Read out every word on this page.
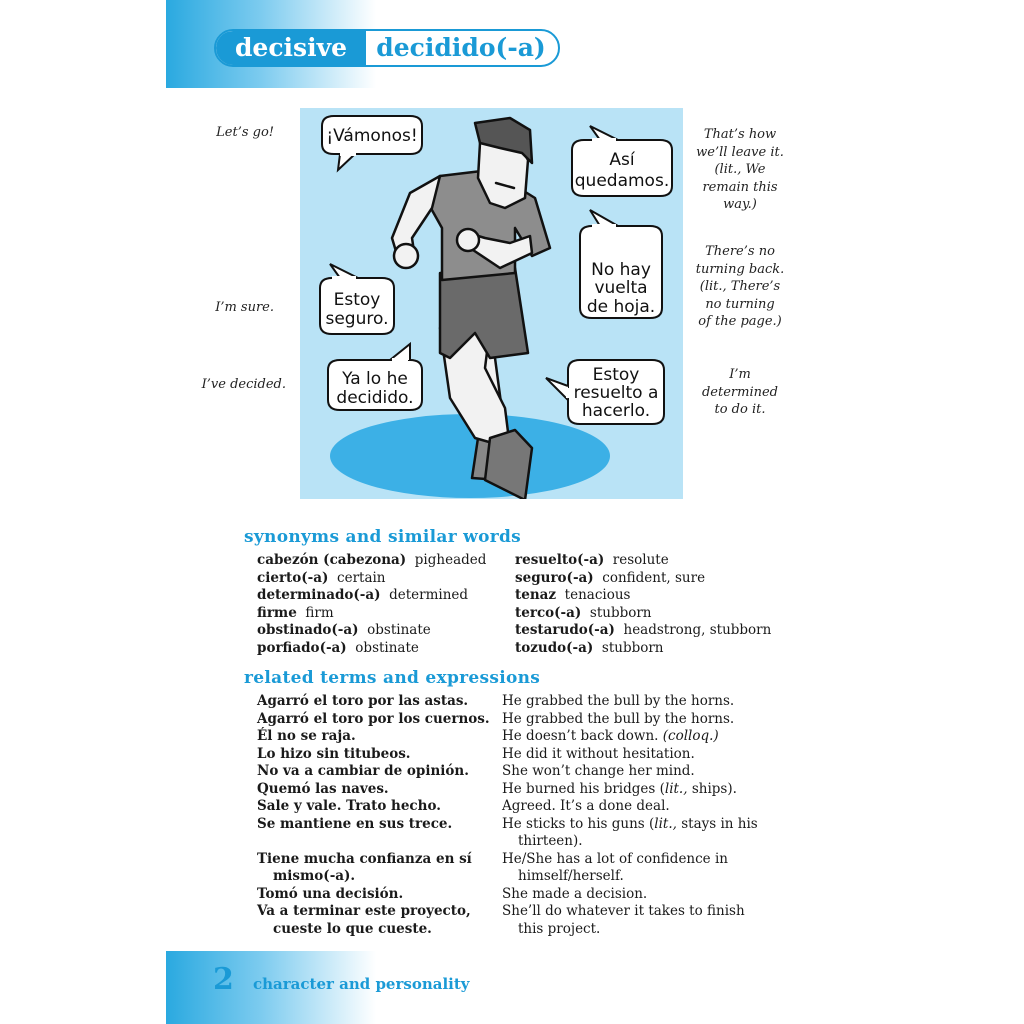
decisive	decidido(-a)
Let’s go!
I’m sure.
I’ve decided.
That’s how
we’ll leave it.
(lit., We
remain this
way.)
There’s no
turning back.
(lit., There’s
no turning
of the page.)
I’m
determined
to do it.
¡Vámonos!
Así
quedamos.
No hay
vuelta
de hoja.
Estoy
seguro.
Ya lo he
decidido.
Estoy
resuelto a
hacerlo.
synonyms and similar words
cabezón (cabezona) pigheaded
cierto(-a) certain
determinado(-a) determined
firme firm
obstinado(-a) obstinate
porfiado(-a) obstinate
resuelto(-a) resolute
seguro(-a) confident, sure
tenaz tenacious
terco(-a) stubborn
testarudo(-a) headstrong, stubborn
tozudo(-a) stubborn
related terms and expressions
Agarró el toro por las astas.
Agarró el toro por los cuernos.
Él no se raja.
Lo hizo sin titubeos.
No va a cambiar de opinión.
Quemó las naves.
Sale y vale. Trato hecho.
Se mantiene en sus trece.
Tiene mucha confianza en sí
mismo(-a).
Tomó una decisión.
Va a terminar este proyecto,
cueste lo que cueste.
He grabbed the bull by the horns.
He grabbed the bull by the horns.
He doesn’t back down. (colloq.)
He did it without hesitation.
She won’t change her mind.
He burned his bridges (lit., ships).
Agreed. It’s a done deal.
He sticks to his guns (lit., stays in his
thirteen).
He/She has a lot of confidence in
himself/herself.
She made a decision.
She’ll do whatever it takes to finish
this project.
2 character and personality
